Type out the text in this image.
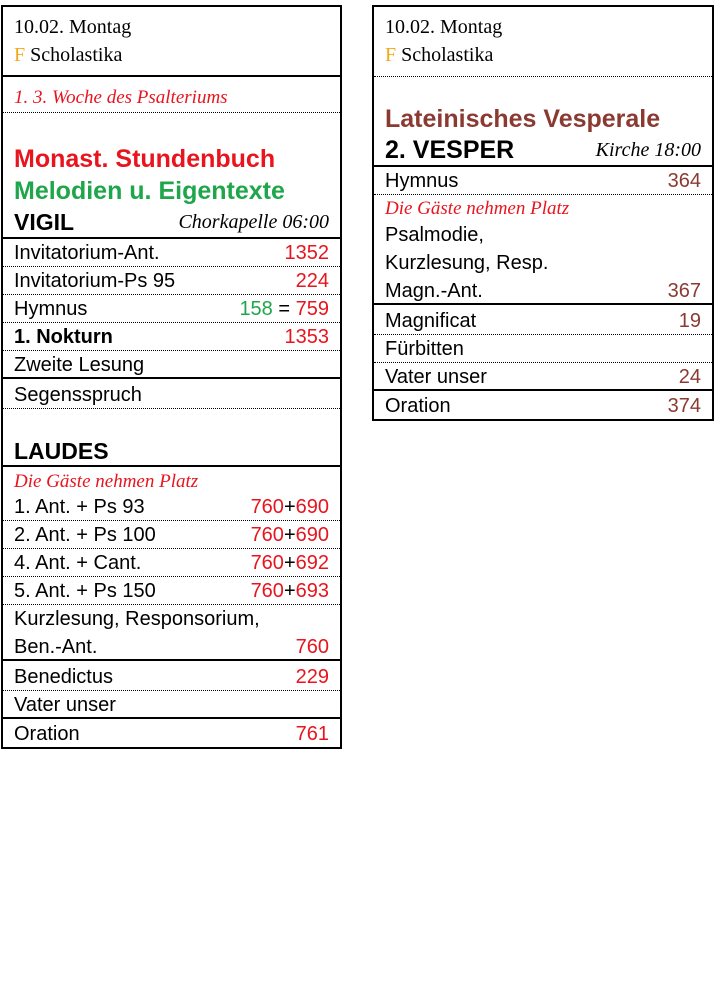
10.02. Montag
F Scholastika
1. 3. Woche des Psalteriums
Monast. Stundenbuch
Melodien u. Eigentexte
VIGIL	Chorkapelle 06:00
Invitatorium-Ant.	1352
Invitatorium-Ps 95	224
Hymnus	158 = 759
1. Nokturn	1353
Zweite Lesung
Segensspruch
LAUDES
Die Gäste nehmen Platz
1. Ant. + Ps 93	760+690
2. Ant. + Ps 100	760+690
4. Ant. + Cant.	760+692
5. Ant. + Ps 150	760+693
Kurzlesung, Responsorium,
Ben.-Ant.	760
Benedictus	229
Vater unser
Oration	761
10.02. Montag
F Scholastika
Lateinisches Vesperale
2. VESPER	Kirche 18:00
Hymnus	364
Die Gäste nehmen Platz
Psalmodie,
Kurzlesung, Resp.
Magn.-Ant.	367
Magnificat	19
Fürbitten
Vater unser	24
Oration	374
